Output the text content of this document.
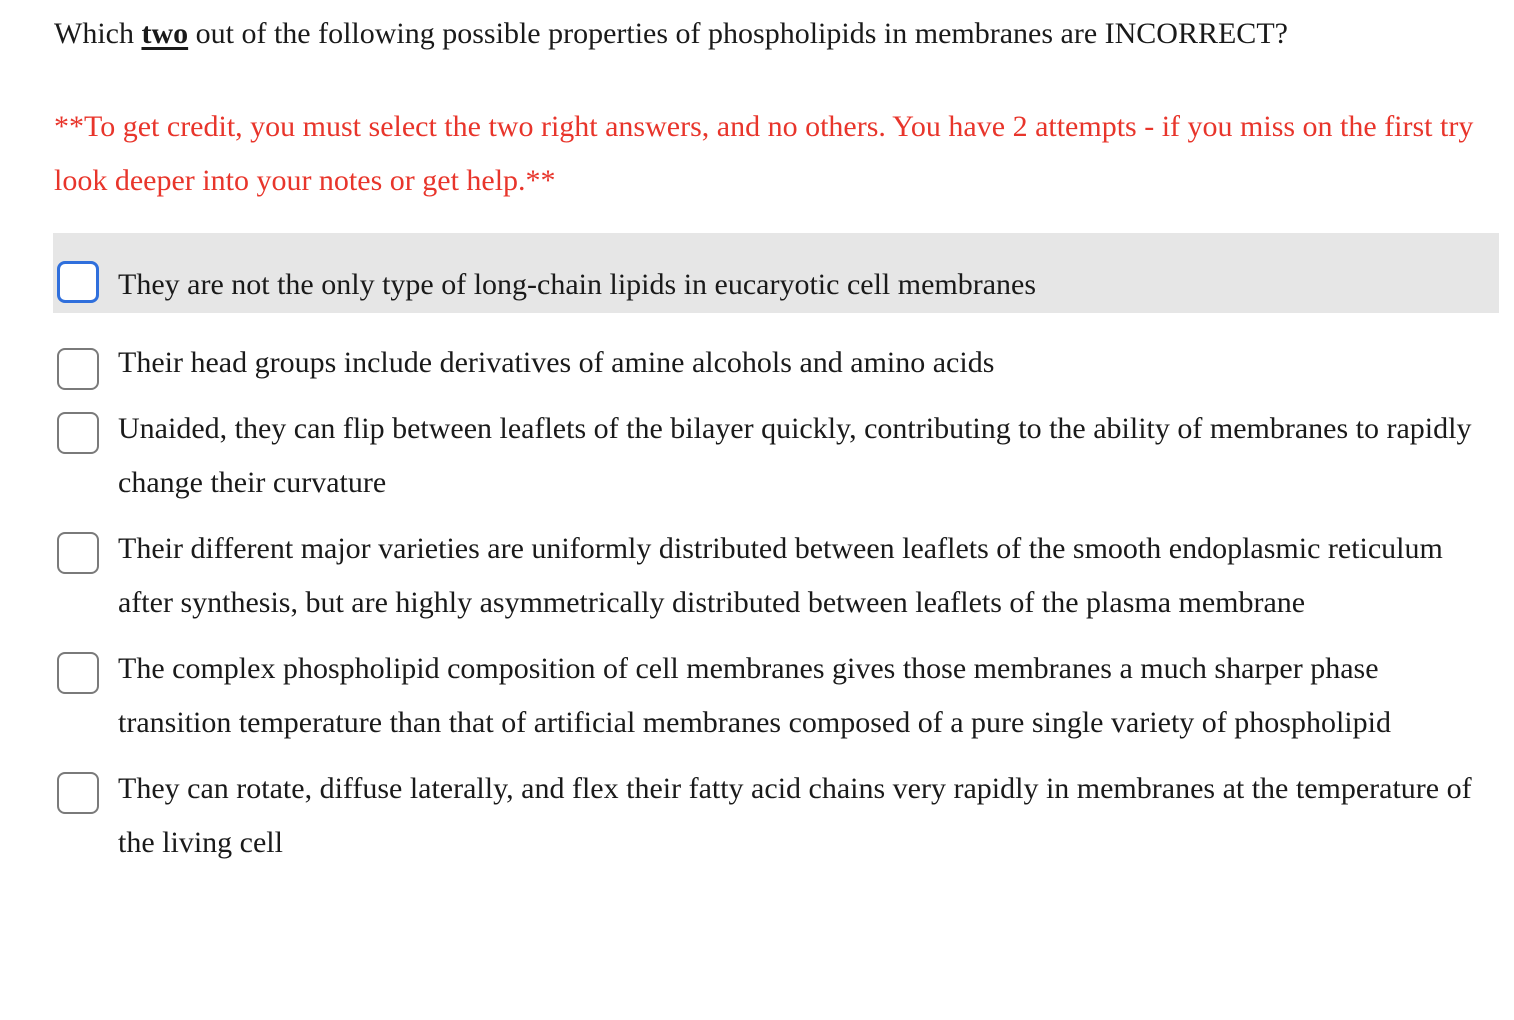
Which two out of the following possible properties of phospholipids in membranes are INCORRECT?
**To get credit, you must select the two right answers, and no others. You have 2 attempts - if you miss on the first try look deeper into your notes or get help.**
They are not the only type of long-chain lipids in eucaryotic cell membranes
Their head groups include derivatives of amine alcohols and amino acids
Unaided, they can flip between leaflets of the bilayer quickly, contributing to the ability of membranes to rapidly change their curvature
Their different major varieties are uniformly distributed between leaflets of the smooth endoplasmic reticulum after synthesis, but are highly asymmetrically distributed between leaflets of the plasma membrane
The complex phospholipid composition of cell membranes gives those membranes a much sharper phase transition temperature than that of artificial membranes composed of a pure single variety of phospholipid
They can rotate, diffuse laterally, and flex their fatty acid chains very rapidly in membranes at the temperature of the living cell
